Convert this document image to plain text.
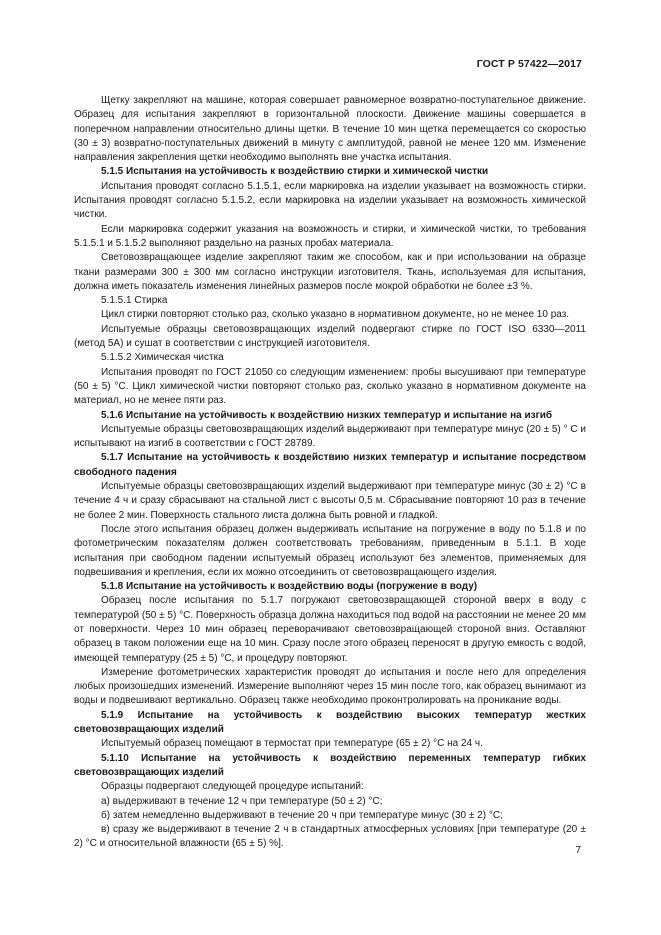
ГОСТ Р 57422—2017

Щетку закрепляют на машине, которая совершает равномерное возвратно-поступательное движение. Образец для испытания закрепляют в горизонтальной плоскости. Движение машины совершается в поперечном направлении относительно длины щетки. В течение 10 мин щетка перемещается со скоростью (30 ± 3) возвратно-поступательных движений в минуту с амплитудой, равной не менее 120 мм. Изменение направления закрепления щетки необходимо выполнять вне участка испытания.

5.1.5 Испытания на устойчивость к воздействию стирки и химической чистки

Испытания проводят согласно 5.1.5.1, если маркировка на изделии указывает на возможность стирки. Испытания проводят согласно 5.1.5.2, если маркировка на изделии указывает на возможность химической чистки.

Если маркировка содержит указания на возможность и стирки, и химической чистки, то требования 5.1.5.1 и 5.1.5.2 выполняют раздельно на разных пробах материала.

Световозвращающее изделие закрепляют таким же способом, как и при использовании на образце ткани размерами 300 ± 300 мм согласно инструкции изготовителя. Ткань, используемая для испытания, должна иметь показатель изменения линейных размеров после мокрой обработки не более ±3 %.

5.1.5.1 Стирка

Цикл стирки повторяют столько раз, сколько указано в нормативном документе, но не менее 10 раз.

Испытуемые образцы световозвращающих изделий подвергают стирке по ГОСТ ISO 6330—2011 (метод 5А) и сушат в соответствии с инструкцией изготовителя.

5.1.5.2 Химическая чистка

Испытания проводят по ГОСТ 21050 со следующим изменением: пробы высушивают при температуре (50 ± 5) °С. Цикл химической чистки повторяют столько раз, сколько указано в нормативном документе на материал, но не менее пяти раз.

5.1.6 Испытание на устойчивость к воздействию низких температур и испытание на изгиб

Испытуемые образцы световозвращающих изделий выдерживают при температуре минус (20 ± 5) ° С и испытывают на изгиб в соответствии с ГОСТ 28789.

5.1.7 Испытание на устойчивость к воздействию низких температур и испытание посредством свободного падения

Испытуемые образцы световозвращающих изделий выдерживают при температуре минус (30 ± 2) °С в течение 4 ч и сразу сбрасывают на стальной лист с высоты 0,5 м. Сбрасывание повторяют 10 раз в течение не более 2 мин. Поверхность стального листа должна быть ровной и гладкой.

После этого испытания образец должен выдерживать испытание на погружение в воду по 5.1.8 и по фотометрическим показателям должен соответствовать требованиям, приведенным в 5.1.1. В ходе испытания при свободном падении испытуемый образец используют без элементов, применяемых для подвешивания и крепления, если их можно отсоединить от световозвращающего изделия.

5.1.8 Испытание на устойчивость к воздействию воды (погружение в воду)

Образец после испытания по 5.1.7 погружают световозвращающей стороной вверх в воду с температурой (50 ± 5) °С. Поверхность образца должна находиться под водой на расстоянии не менее 20 мм от поверхности. Через 10 мин образец переворачивают световозвращающей стороной вниз. Оставляют образец в таком положении еще на 10 мин. Сразу после этого образец переносят в другую емкость с водой, имеющей температуру (25 ± 5) °С, и процедуру повторяют.

Измерение фотометрических характеристик проводят до испытания и после него для определения любых произошедших изменений. Измерение выполняют через 15 мин после того, как образец вынимают из воды и подвешивают вертикально. Образец также необходимо проконтролировать на проникание воды.

5.1.9 Испытание на устойчивость к воздействию высоких температур жестких световозвращающих изделий

Испытуемый образец помещают в термостат при температуре (65 ± 2) °С на 24 ч.

5.1.10 Испытание на устойчивость к воздействию переменных температур гибких световозвращающих изделий

Образцы подвергают следующей процедуре испытаний:

а) выдерживают в течение 12 ч при температуре (50 ± 2) °С;

б) затем немедленно выдерживают в течение 20 ч при температуре минус (30 ± 2) °С;

в) сразу же выдерживают в течение 2 ч в стандартных атмосферных условиях [при температуре (20 ± 2) °С и относительной влажности (65 ± 5) %].

7
